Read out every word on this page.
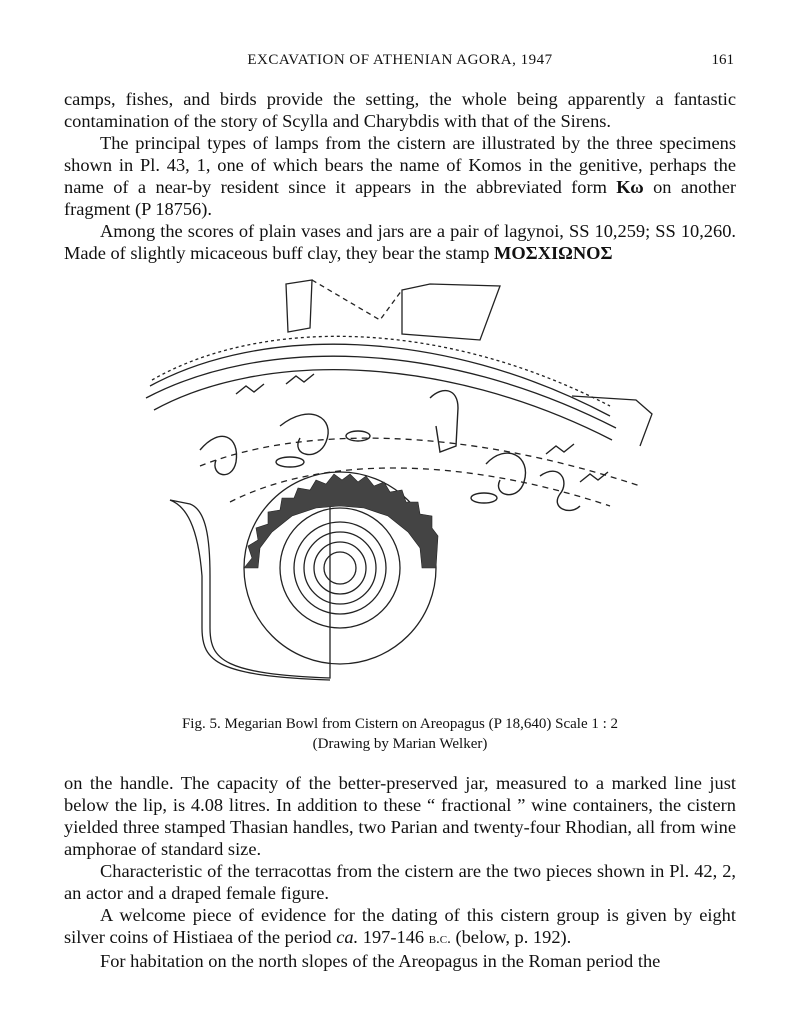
EXCAVATION OF ATHENIAN AGORA, 1947	161

camps, fishes, and birds provide the setting, the whole being apparently a fantastic contamination of the story of Scylla and Charybdis with that of the Sirens.

The principal types of lamps from the cistern are illustrated by the three specimens shown in Pl. 43, 1, one of which bears the name of Komos in the genitive, perhaps the name of a near-by resident since it appears in the abbreviated form Κω on another fragment (P 18756).

Among the scores of plain vases and jars are a pair of lagynoi, SS 10,259; SS 10,260. Made of slightly micaceous buff clay, they bear the stamp ΜΟΣΧΙΩΝΟΣ

Fig. 5. Megarian Bowl from Cistern on Areopagus (P 18,640) Scale 1 : 2
(Drawing by Marian Welker)

on the handle. The capacity of the better-preserved jar, measured to a marked line just below the lip, is 4.08 litres. In addition to these “ fractional ” wine containers, the cistern yielded three stamped Thasian handles, two Parian and twenty-four Rhodian, all from wine amphorae of standard size.

Characteristic of the terracottas from the cistern are the two pieces shown in Pl. 42, 2, an actor and a draped female figure.

A welcome piece of evidence for the dating of this cistern group is given by eight silver coins of Histiaea of the period ca. 197-146 b.c. (below, p. 192).

For habitation on the north slopes of the Areopagus in the Roman period the
